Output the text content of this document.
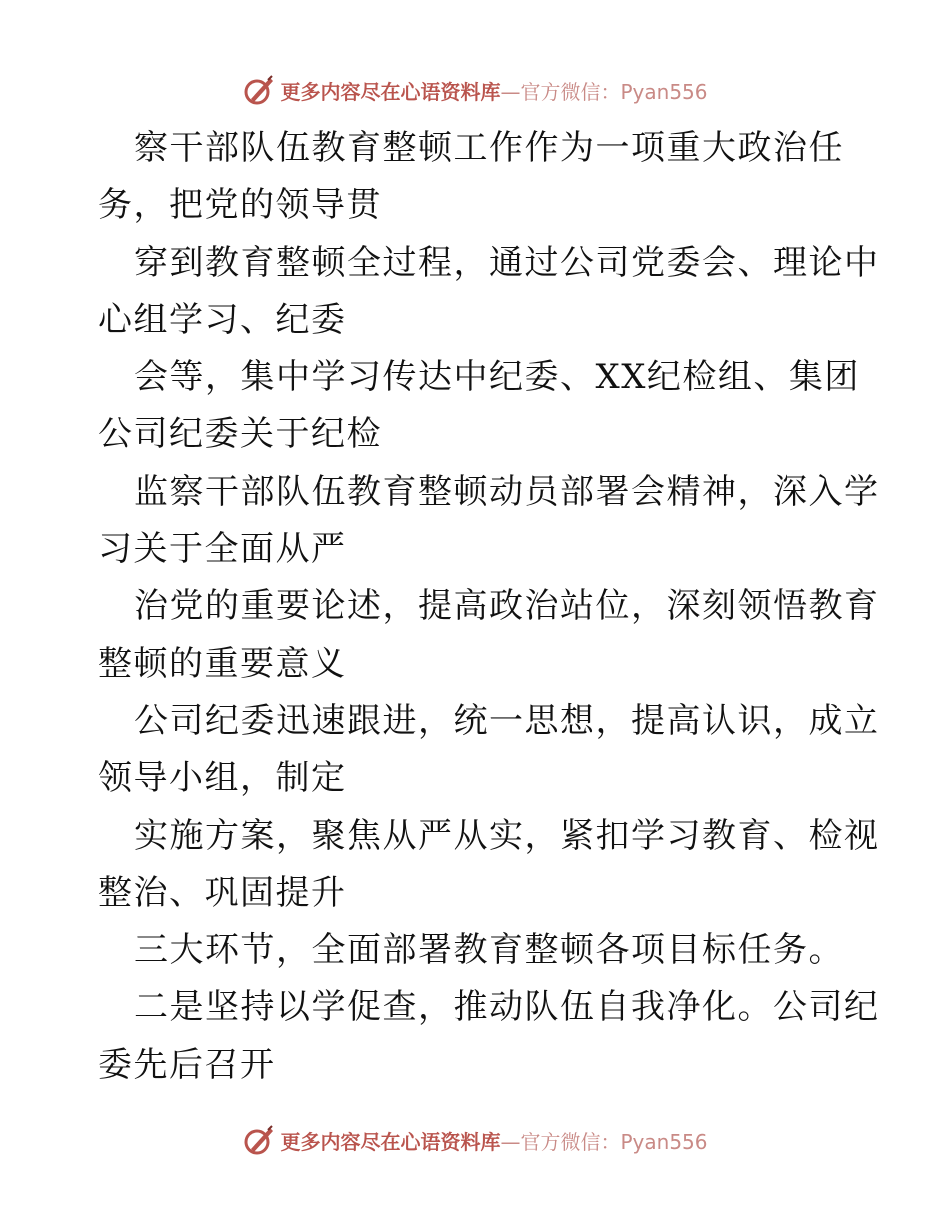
更多内容尽在心语资料库—官方微信：Pyan556
察干部队伍教育整顿工作作为一项重大政治任
务，把党的领导贯
穿到教育整顿全过程，通过公司党委会、理论中
心组学习、纪委
会等，集中学习传达中纪委、XX纪检组、集团
公司纪委关于纪检
监察干部队伍教育整顿动员部署会精神，深入学
习关于全面从严
治党的重要论述，提高政治站位，深刻领悟教育
整顿的重要意义
公司纪委迅速跟进，统一思想，提高认识，成立
领导小组，制定
实施方案，聚焦从严从实，紧扣学习教育、检视
整治、巩固提升
三大环节，全面部署教育整顿各项目标任务。
二是坚持以学促查，推动队伍自我净化。公司纪
委先后召开
更多内容尽在心语资料库—官方微信：Pyan556
